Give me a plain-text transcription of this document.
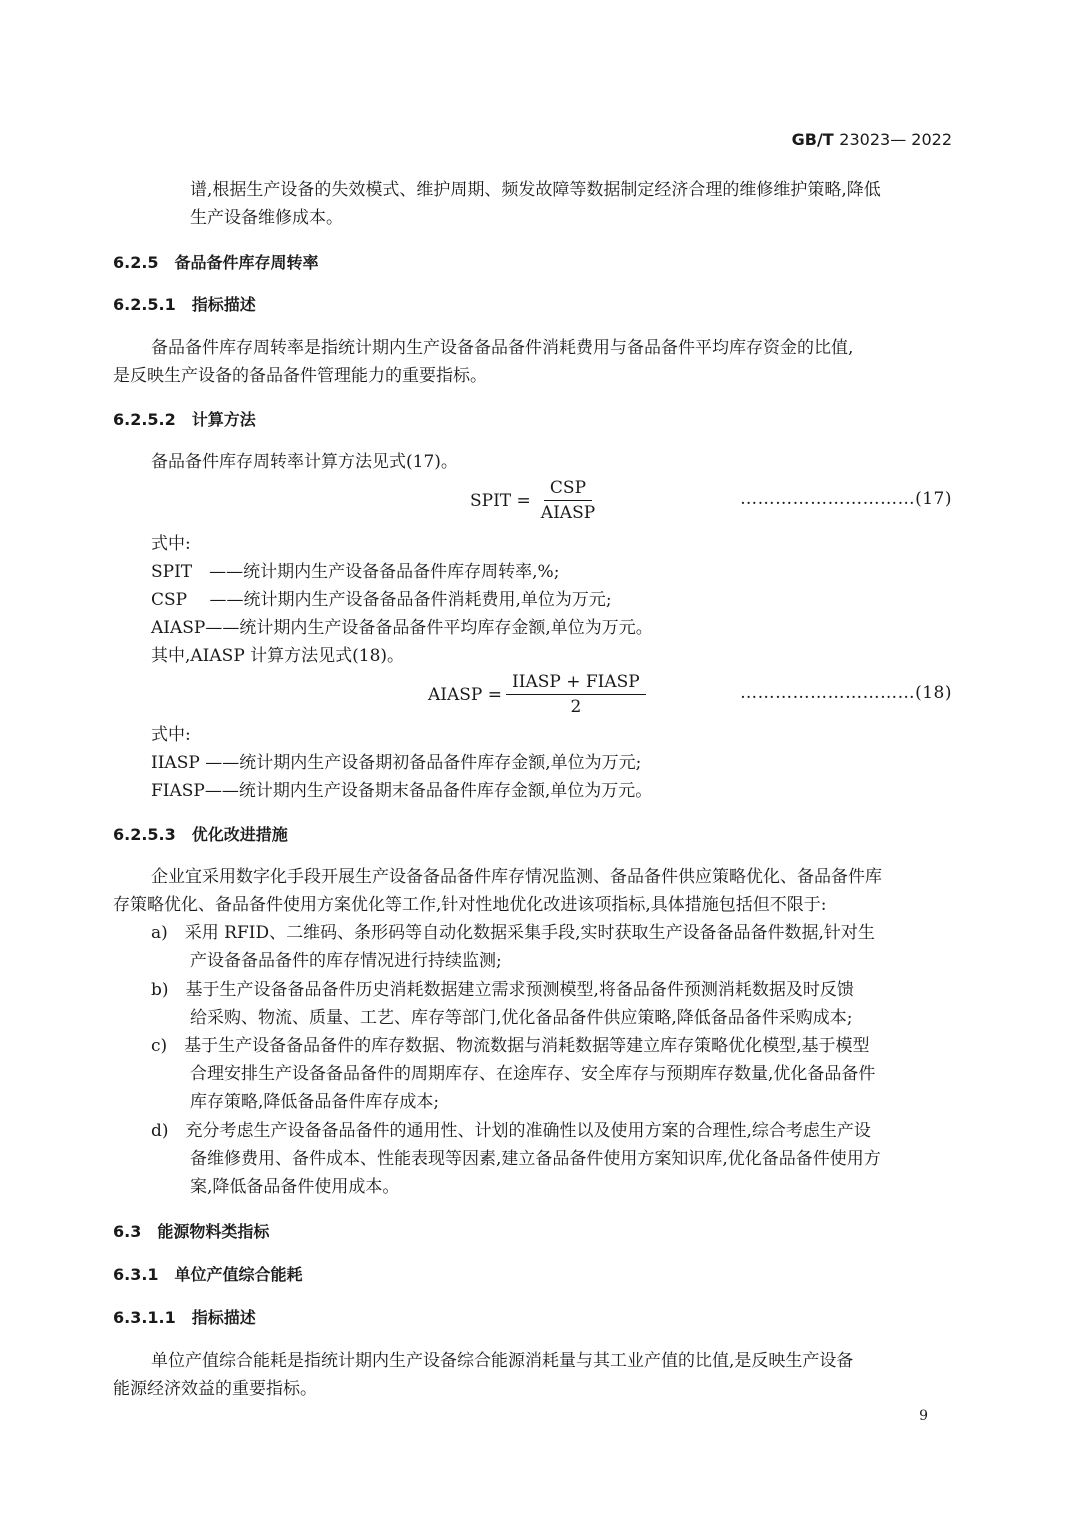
GB/T 23023— 2022
谱,根据生产设备的失效模式、维护周期、频发故障等数据制定经济合理的维修维护策略,降低
生产设备维修成本。
6.2.5　备品备件库存周转率
6.2.5.1　指标描述
备品备件库存周转率是指统计期内生产设备备品备件消耗费用与备品备件平均库存资金的比值,
是反映生产设备的备品备件管理能力的重要指标。
6.2.5.2　计算方法
备品备件库存周转率计算方法见式(17)。
SPIT = $\frac{\text{CSP}}{\text{AIASP}}$	…………………………(17)
式中:
SPIT　——统计期内生产设备备品备件库存周转率,%;
CSP　 ——统计期内生产设备备品备件消耗费用,单位为万元;
AIASP——统计期内生产设备备品备件平均库存金额,单位为万元。
其中,AIASP 计算方法见式(18)。
AIASP = $\frac{\text{IIASP + FIASP}}{2}$	…………………………(18)
式中:
IIASP ——统计期内生产设备期初备品备件库存金额,单位为万元;
FIASP——统计期内生产设备期末备品备件库存金额,单位为万元。
6.2.5.3　优化改进措施
企业宜采用数字化手段开展生产设备备品备件库存情况监测、备品备件供应策略优化、备品备件库
存策略优化、备品备件使用方案优化等工作,针对性地优化改进该项指标,具体措施包括但不限于:
a)　采用 RFID、二维码、条形码等自动化数据采集手段,实时获取生产设备备品备件数据,针对生
产设备备品备件的库存情况进行持续监测;
b)　基于生产设备备品备件历史消耗数据建立需求预测模型,将备品备件预测消耗数据及时反馈
给采购、物流、质量、工艺、库存等部门,优化备品备件供应策略,降低备品备件采购成本;
c)　基于生产设备备品备件的库存数据、物流数据与消耗数据等建立库存策略优化模型,基于模型
合理安排生产设备备品备件的周期库存、在途库存、安全库存与预期库存数量,优化备品备件
库存策略,降低备品备件库存成本;
d)　充分考虑生产设备备品备件的通用性、计划的准确性以及使用方案的合理性,综合考虑生产设
备维修费用、备件成本、性能表现等因素,建立备品备件使用方案知识库,优化备品备件使用方
案,降低备品备件使用成本。
6.3　能源物料类指标
6.3.1　单位产值综合能耗
6.3.1.1　指标描述
单位产值综合能耗是指统计期内生产设备综合能源消耗量与其工业产值的比值,是反映生产设备
能源经济效益的重要指标。
9
